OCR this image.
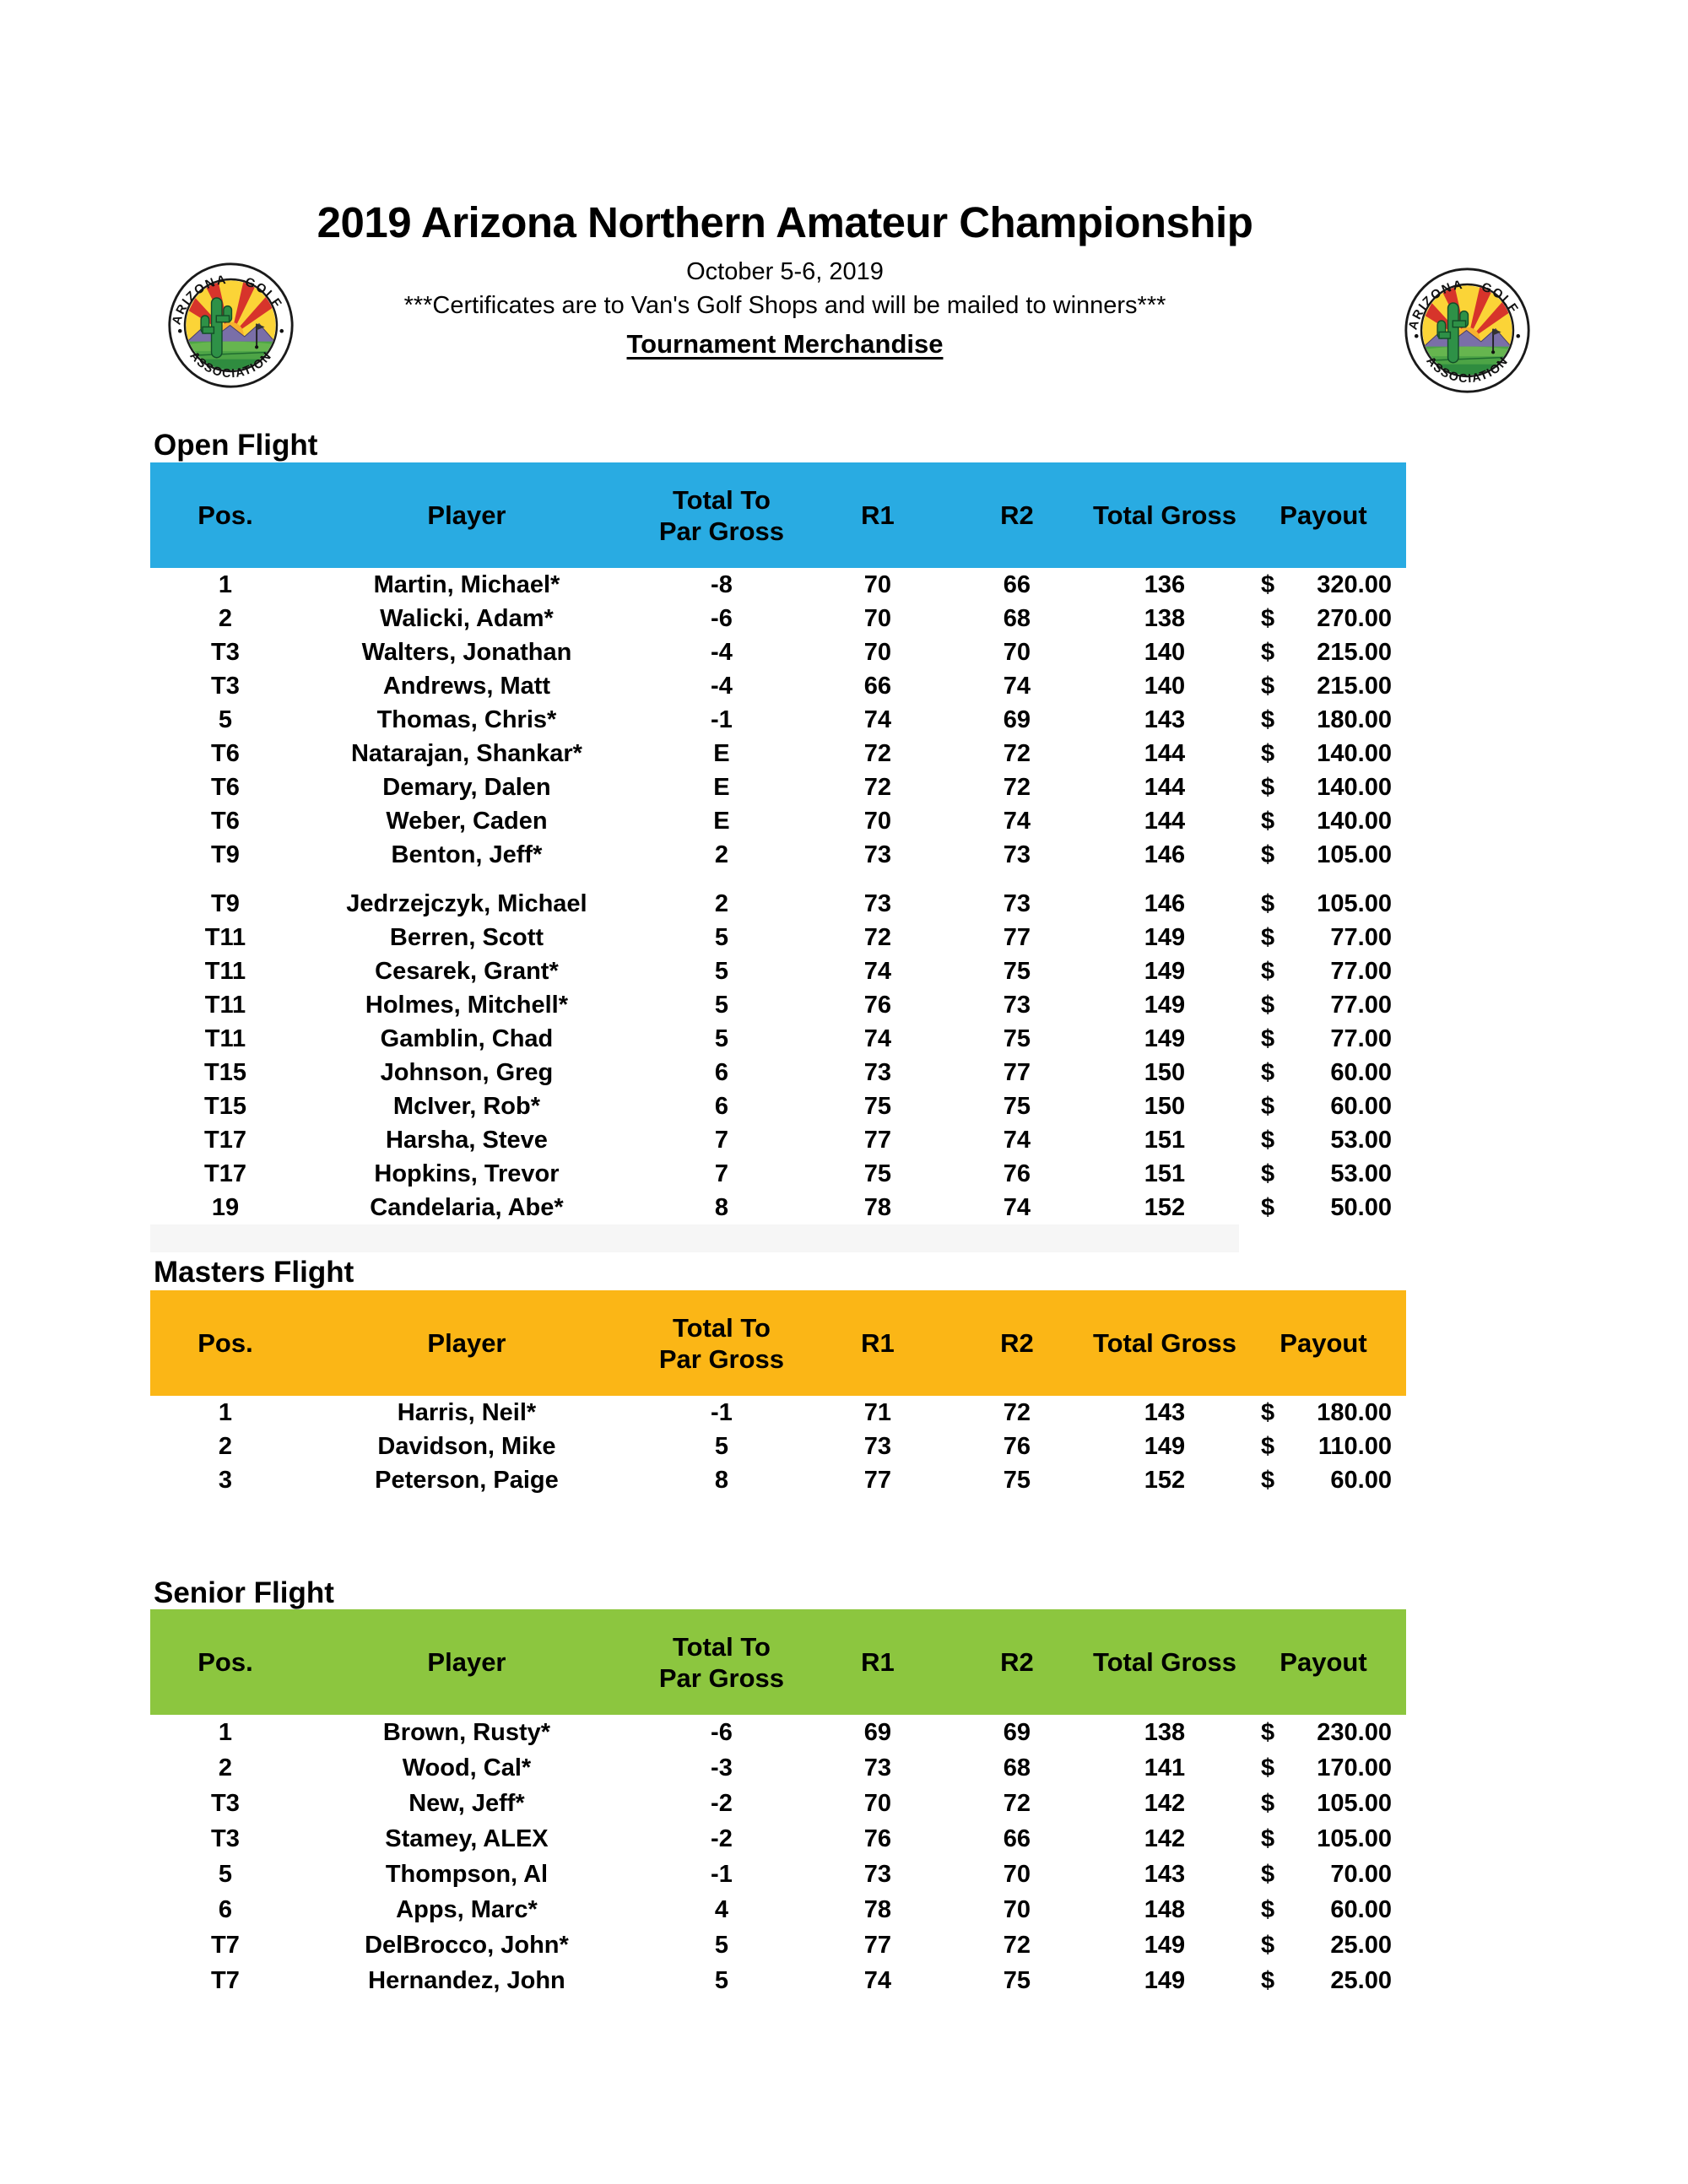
2019 Arizona Northern Amateur Championship
October 5-6, 2019
***Certificates are to Van's Golf Shops and will be mailed to winners***
Tournament Merchandise
Open Flight
Pos.	Player
Total To
Par Gross
R1	R2	Total Gross	Payout
1	Martin, Michael*	-8	70	66	136	$ 320.00
2	Walicki, Adam*	-6	70	68	138	$ 270.00
T3	Walters, Jonathan	-4	70	70	140	$ 215.00
T3	Andrews, Matt	-4	66	74	140	$ 215.00
5	Thomas, Chris*	-1	74	69	143	$ 180.00
T6	Natarajan, Shankar*	E	72	72	144	$ 140.00
T6	Demary, Dalen	E	72	72	144	$ 140.00
T6	Weber, Caden	E	70	74	144	$ 140.00
T9	Benton, Jeff*	2	73	73	146	$ 105.00
T9	Jedrzejczyk, Michael	2	73	73	146	$ 105.00
T11	Berren, Scott	5	72	77	149	$ 77.00
T11	Cesarek, Grant*	5	74	75	149	$ 77.00
T11	Holmes, Mitchell*	5	76	73	149	$ 77.00
T11	Gamblin, Chad	5	74	75	149	$ 77.00
T15	Johnson, Greg	6	73	77	150	$ 60.00
T15	McIver, Rob*	6	75	75	150	$ 60.00
T17	Harsha, Steve	7	77	74	151	$ 53.00
T17	Hopkins, Trevor	7	75	76	151	$ 53.00
19	Candelaria, Abe*	8	78	74	152	$ 50.00
Masters Flight
Pos.	Player
Total To
Par Gross
R1	R2	Total Gross	Payout
1	Harris, Neil*	-1	71	72	143	$ 180.00
2	Davidson, Mike	5	73	76	149	$ 110.00
3	Peterson, Paige	8	77	75	152	$ 60.00
Senior Flight
Pos.	Player
Total To
Par Gross
R1	R2	Total Gross	Payout
1	Brown, Rusty*	-6	69	69	138	$ 230.00
2	Wood, Cal*	-3	73	68	141	$ 170.00
T3	New, Jeff*	-2	70	72	142	$ 105.00
T3	Stamey, ALEX	-2	76	66	142	$ 105.00
5	Thompson, Al	-1	73	70	143	$ 70.00
6	Apps, Marc*	4	78	70	148	$ 60.00
T7	DelBrocco, John*	5	77	72	149	$ 25.00
T7	Hernandez, John	5	74	75	149	$ 25.00
